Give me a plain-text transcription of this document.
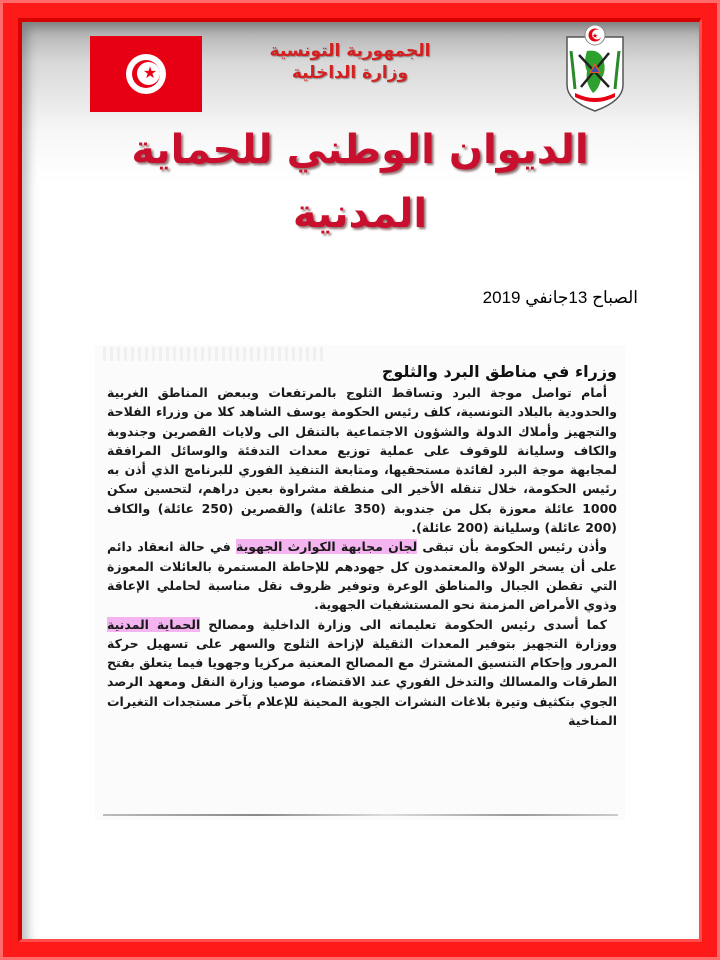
★
الجمهورية التونسية
وزارة الداخلية
★
الديوان الوطني للحماية المدنية
الصباح 13جانفي 2019
وزراء في مناطق البرد والثلوج

أمام تواصل موجة البرد وتساقط الثلوج بالمرتفعات وببعض المناطق الغربية والحدودية بالبلاد التونسية، كلف رئيس الحكومة يوسف الشاهد كلا من وزراء الفلاحة والتجهيز وأملاك الدولة والشؤون الاجتماعية بالتنقل الى ولايات القصرين وجندوبة والكاف وسليانة للوقوف على عملية توزيع معدات التدفئة والوسائل المرافقة لمجابهة موجة البرد لفائدة مستحقيها، ومتابعة التنفيذ الفوري للبرنامج الذي أذن به رئيس الحكومة، خلال تنقله الأخير الى منطقة مشراوة بعين دراهم، لتحسين سكن 1000 عائلة معوزة بكل من جندوبة (350 عائلة) والقصرين (250 عائلة) والكاف (200 عائلة) وسليانة (200 عائلة).

وأذن رئيس الحكومة بأن تبقى لجان مجابهة الكوارث الجهوية في حالة انعقاد دائم على أن يسخر الولاة والمعتمدون كل جهودهم للإحاطة المستمرة بالعائلات المعوزة التي تقطن الجبال والمناطق الوعرة وتوفير ظروف نقل مناسبة لحاملي الإعاقة وذوي الأمراض المزمنة نحو المستشفيات الجهوية.

كما أسدى رئيس الحكومة تعليماته الى وزارة الداخلية ومصالح الحماية المدنية ووزارة التجهيز بتوفير المعدات الثقيلة لإزاحة الثلوج والسهر على تسهيل حركة المرور وإحكام التنسيق المشترك مع المصالح المعنية مركزيا وجهويا فيما يتعلق بفتح الطرقات والمسالك والتدخل الفوري عند الاقتضاء، موصيا وزارة النقل ومعهد الرصد الجوي بتكثيف وتيرة بلاغات النشرات الجوية المحينة للإعلام بآخر مستجدات التغيرات المناخية
